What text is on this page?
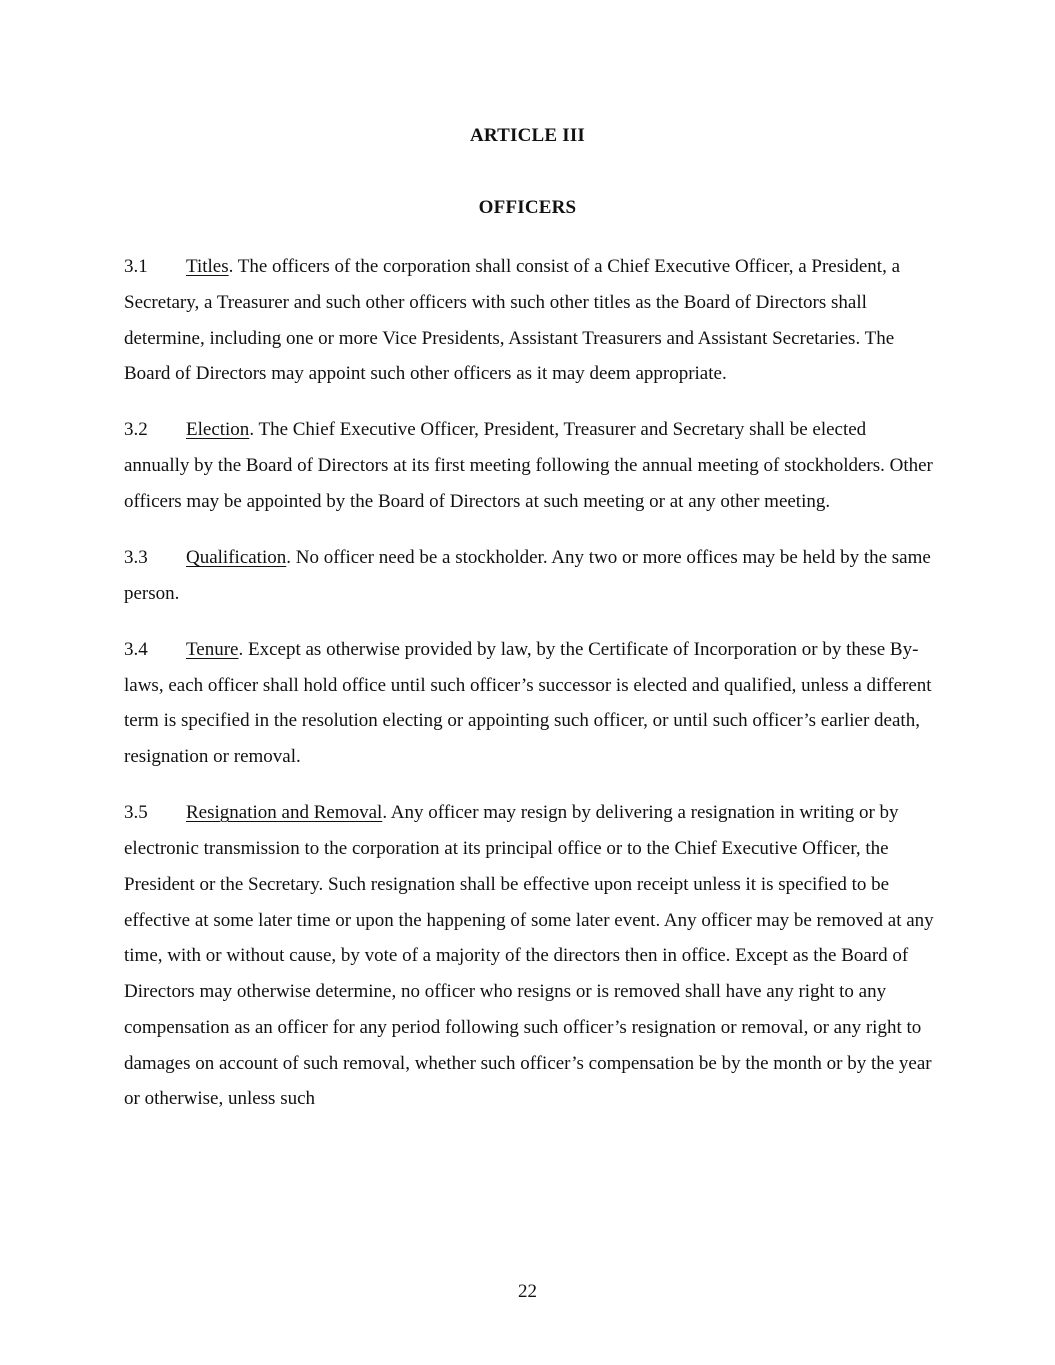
ARTICLE III
OFFICERS

3.1 Titles. The officers of the corporation shall consist of a Chief Executive Officer, a President, a Secretary, a Treasurer and such other officers with such other titles as the Board of Directors shall determine, including one or more Vice Presidents, Assistant Treasurers and Assistant Secretaries. The Board of Directors may appoint such other officers as it may deem appropriate.

3.2 Election. The Chief Executive Officer, President, Treasurer and Secretary shall be elected annually by the Board of Directors at its first meeting following the annual meeting of stockholders. Other officers may be appointed by the Board of Directors at such meeting or at any other meeting.

3.3 Qualification. No officer need be a stockholder. Any two or more offices may be held by the same person.

3.4 Tenure. Except as otherwise provided by law, by the Certificate of Incorporation or by these By-laws, each officer shall hold office until such officer’s successor is elected and qualified, unless a different term is specified in the resolution electing or appointing such officer, or until such officer’s earlier death, resignation or removal.

3.5 Resignation and Removal. Any officer may resign by delivering a resignation in writing or by electronic transmission to the corporation at its principal office or to the Chief Executive Officer, the President or the Secretary. Such resignation shall be effective upon receipt unless it is specified to be effective at some later time or upon the happening of some later event. Any officer may be removed at any time, with or without cause, by vote of a majority of the directors then in office. Except as the Board of Directors may otherwise determine, no officer who resigns or is removed shall have any right to any compensation as an officer for any period following such officer’s resignation or removal, or any right to damages on account of such removal, whether such officer’s compensation be by the month or by the year or otherwise, unless such

22
